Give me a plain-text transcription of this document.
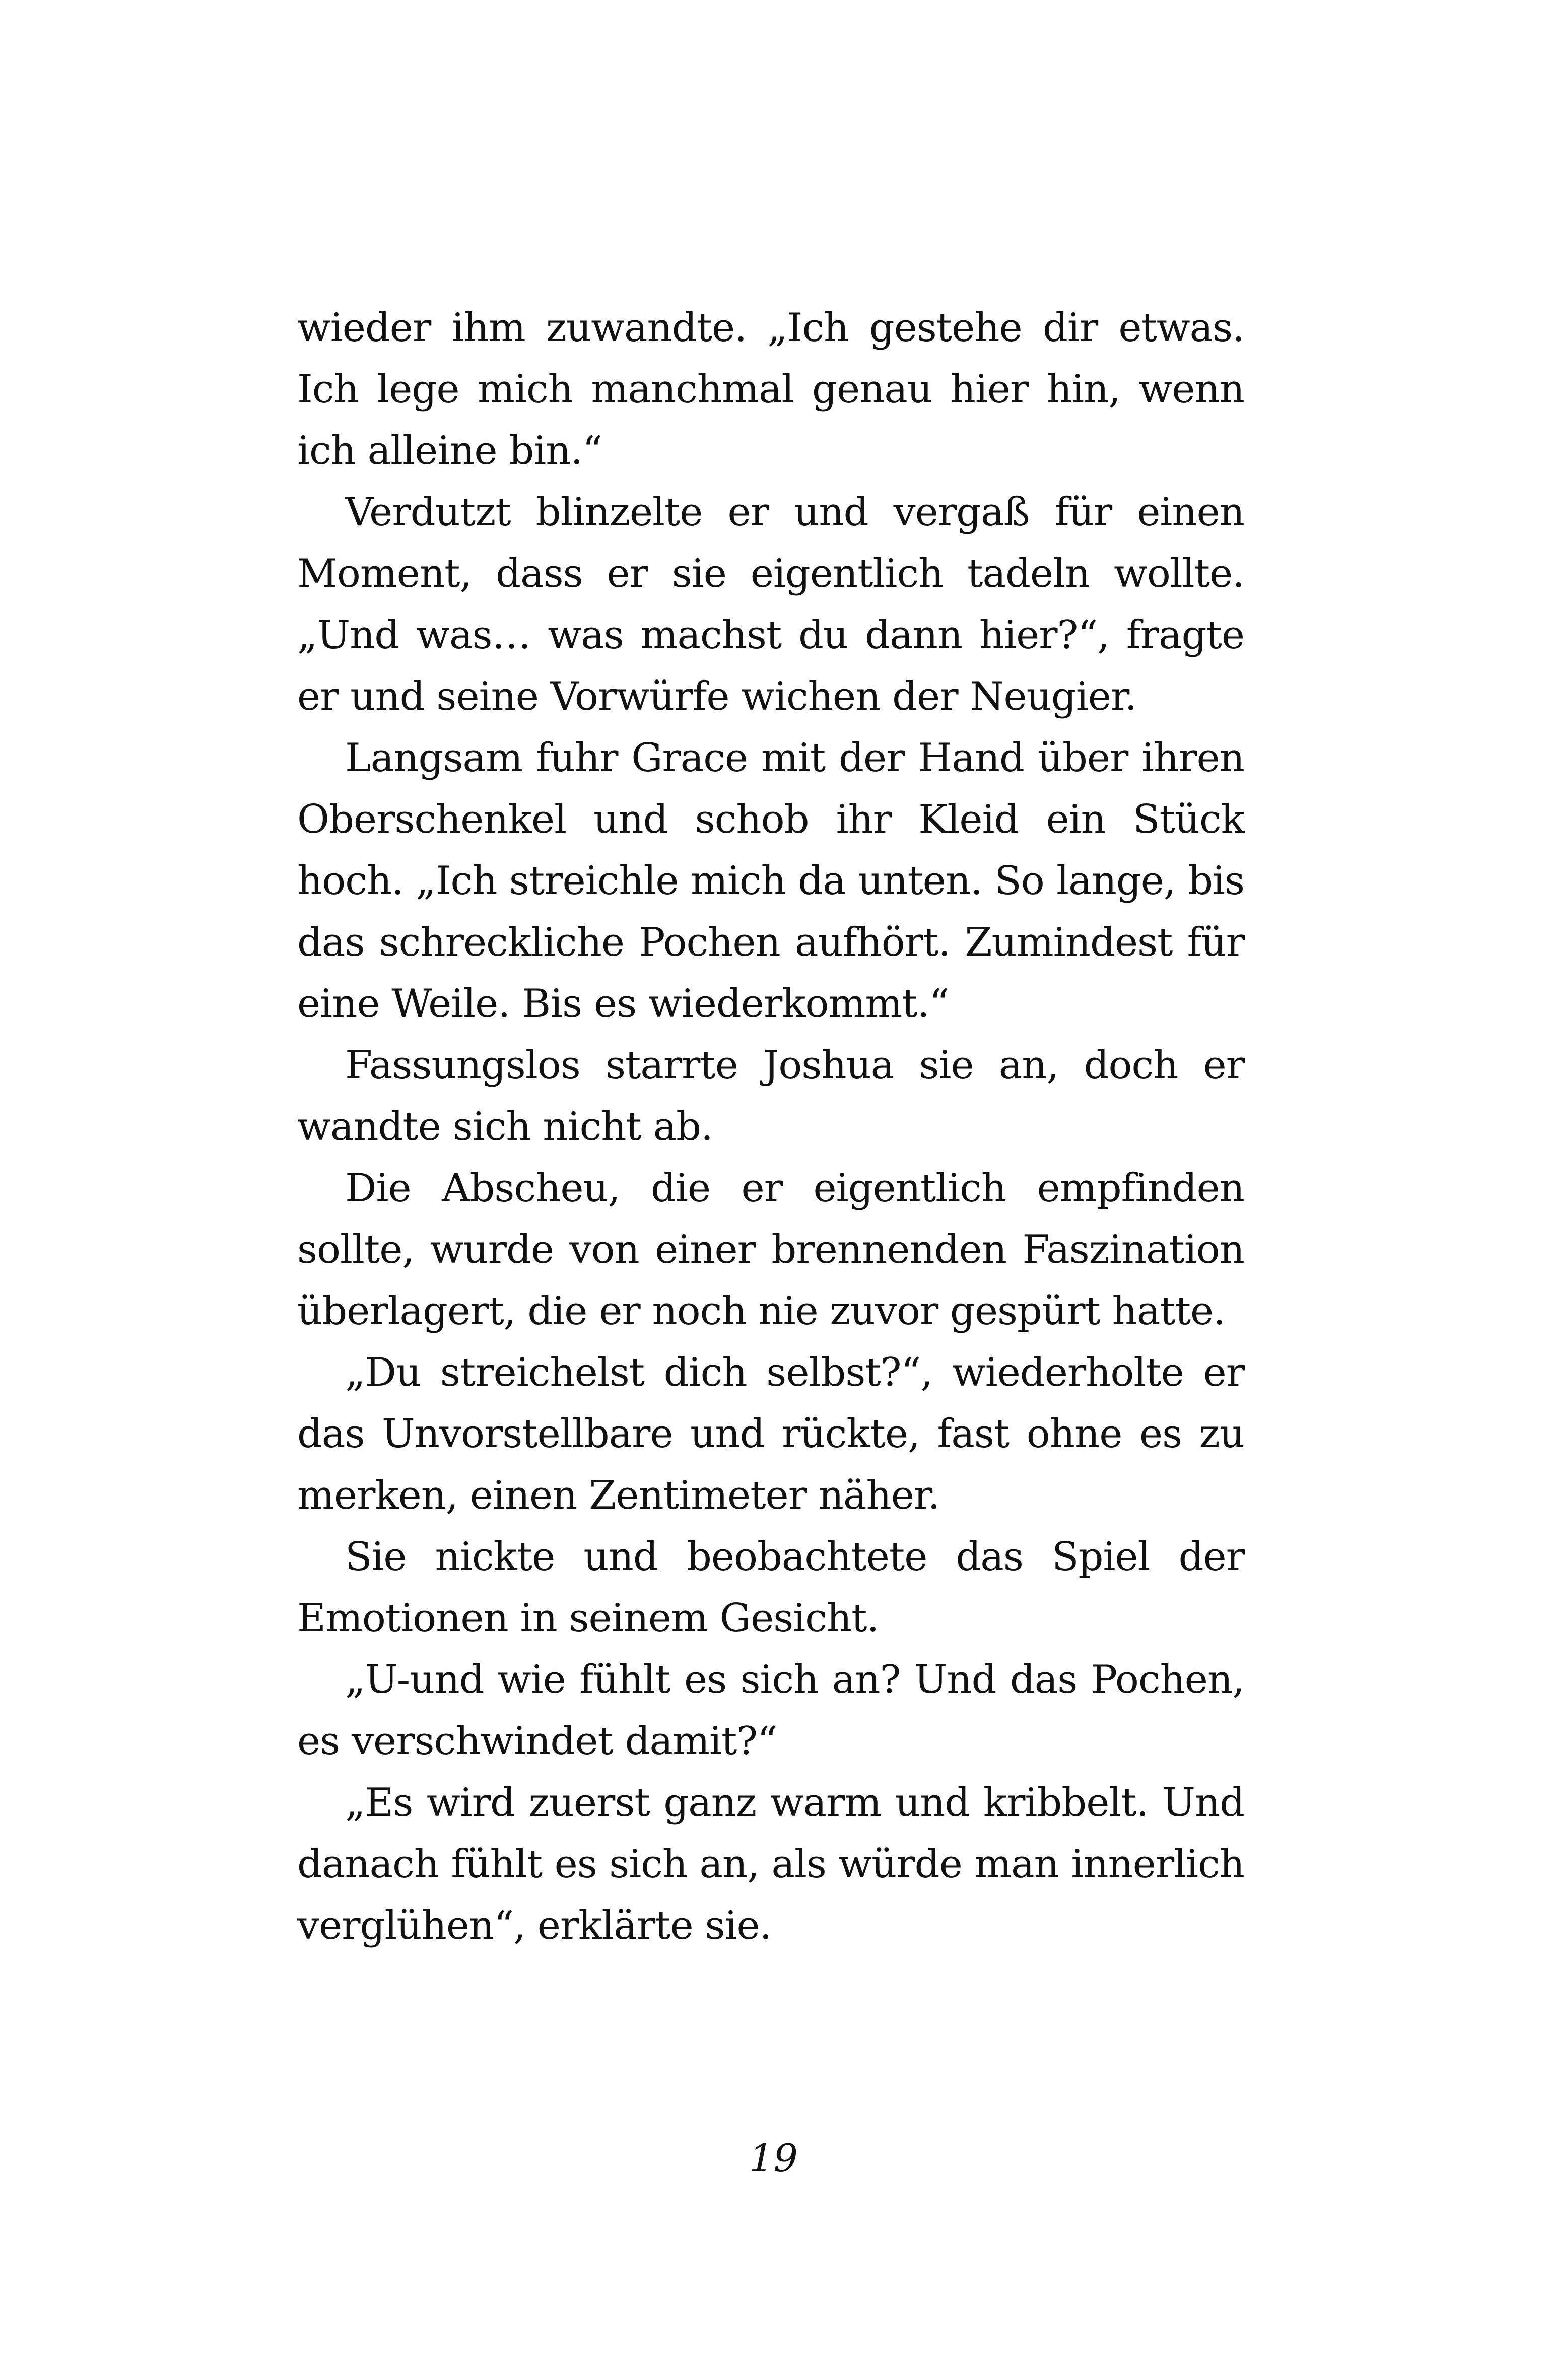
wieder ihm zuwandte. „Ich gestehe dir etwas. Ich lege mich manchmal genau hier hin, wenn ich alleine bin.“

Verdutzt blinzelte er und vergaß für einen Moment, dass er sie eigentlich tadeln wollte. „Und was… was machst du dann hier?“, fragte er und seine Vorwürfe wichen der Neugier.

Langsam fuhr Grace mit der Hand über ihren Oberschenkel und schob ihr Kleid ein Stück hoch. „Ich streichle mich da unten. So lange, bis das schreckliche Pochen aufhört. Zumindest für eine Weile. Bis es wiederkommt.“

Fassungslos starrte Joshua sie an, doch er wandte sich nicht ab.

Die Abscheu, die er eigentlich empfinden sollte, wurde von einer brennenden Faszination überlagert, die er noch nie zuvor gespürt hatte.

„Du streichelst dich selbst?“, wiederholte er das Unvorstellbare und rückte, fast ohne es zu merken, einen Zentimeter näher.

Sie nickte und beobachtete das Spiel der Emotionen in seinem Gesicht.

„U-und wie fühlt es sich an? Und das Pochen, es verschwindet damit?“

„Es wird zuerst ganz warm und kribbelt. Und danach fühlt es sich an, als würde man innerlich verglühen“, erklärte sie.

19
